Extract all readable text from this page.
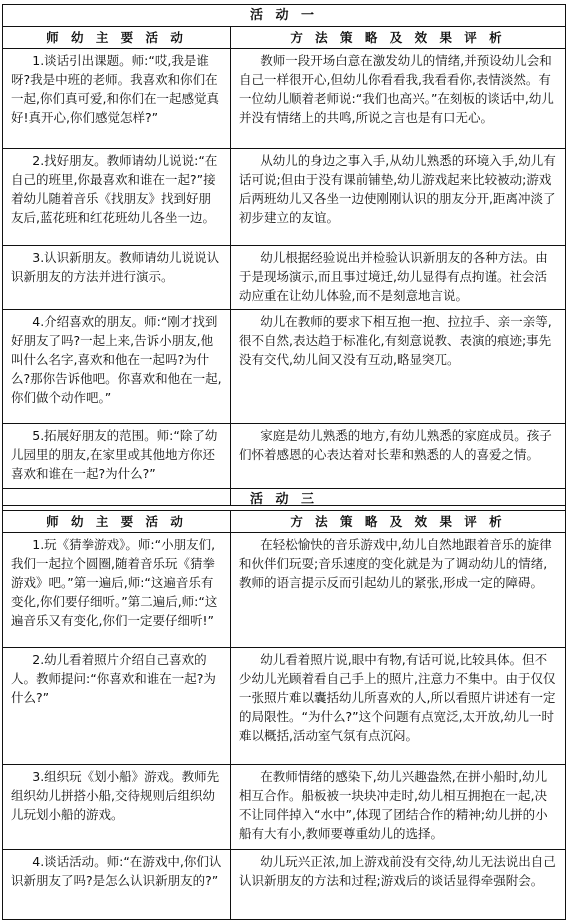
活 动 一	
师 幼 主 要 活 动	方 法 策 略 及 效 果 评 析

1.谈话引出课题。师:“哎,我是谁呀?我是中班的老师。我喜欢和你们在一起,你们真可爱,和你们在一起感觉真好!真开心,你们感觉怎样?”	教师一段开场白意在激发幼儿的情绪,并预设幼儿会和自己一样很开心,但幼儿你看看我,我看看你,表情淡然。有一位幼儿顺着老师说:“我们也高兴。”在刻板的谈话中,幼儿并没有情绪上的共鸣,所说之言也是有口无心。

2.找好朋友。教师请幼儿说说:“在自己的班里,你最喜欢和谁在一起?”接着幼儿随着音乐《找朋友》找到好朋友后,蓝花班和红花班幼儿各坐一边。	从幼儿的身边之事入手,从幼儿熟悉的环境入手,幼儿有话可说;但由于没有课前铺垫,幼儿游戏起来比较被动;游戏后两班幼儿又各坐一边使刚刚认识的朋友分开,距离冲淡了初步建立的友谊。

3.认识新朋友。教师请幼儿说说认识新朋友的方法并进行演示。	幼儿根据经验说出并检验认识新朋友的各种方法。由于是现场演示,而且事过境迁,幼儿显得有点拘谨。社会活动应重在让幼儿体验,而不是刻意地言说。

4.介绍喜欢的朋友。师:“刚才找到好朋友了吗?一起上来,告诉小朋友,他叫什么名字,喜欢和他在一起吗?为什么?那你告诉他吧。你喜欢和他在一起,你们做个动作吧。”	幼儿在教师的要求下相互抱一抱、拉拉手、亲一亲等,很不自然,表达趋于标准化,有刻意说教、表演的痕迹;事先没有交代,幼儿间又没有互动,略显突兀。

5.拓展好朋友的范围。师:“除了幼儿园里的朋友,在家里或其他地方你还喜欢和谁在一起?为什么?”	家庭是幼儿熟悉的地方,有幼儿熟悉的家庭成员。孩子们怀着感恩的心表达着对长辈和熟悉的人的喜爱之情。

活 动 三	
师 幼 主 要 活 动	方 法 策 略 及 效 果 评 析

1.玩《猜拳游戏》。师:“小朋友们,我们一起拉个圆圈,随着音乐玩《猜拳游戏》吧。”第一遍后,师:“这遍音乐有变化,你们要仔细听。”第二遍后,师:“这遍音乐又有变化,你们一定要仔细听!”	在轻松愉快的音乐游戏中,幼儿自然地跟着音乐的旋律和伙伴们玩耍;音乐速度的变化就是为了调动幼儿的情绪,教师的语言提示反而引起幼儿的紧张,形成一定的障碍。

2.幼儿看着照片介绍自己喜欢的人。教师提问:“你喜欢和谁在一起?为什么?”	幼儿看着照片说,眼中有物,有话可说,比较具体。但不少幼儿光顾着看自己手上的照片,注意力不集中。由于仅仅一张照片难以囊括幼儿所喜欢的人,所以看照片讲述有一定的局限性。“为什么?”这个问题有点宽泛,太开放,幼儿一时难以概括,活动室气氛有点沉闷。

3.组织玩《划小船》游戏。教师先组织幼儿拼搭小船,交待规则后组织幼儿玩划小船的游戏。	在教师情绪的感染下,幼儿兴趣盎然,在拼小船时,幼儿相互合作。船板被一块块冲走时,幼儿相互拥抱在一起,决不让同伴掉入“水中”,体现了团结合作的精神;幼儿拼的小船有大有小,教师要尊重幼儿的选择。

4.谈话活动。师:“在游戏中,你们认识新朋友了吗?是怎么认识新朋友的?”	幼儿玩兴正浓,加上游戏前没有交待,幼儿无法说出自己认识新朋友的方法和过程;游戏后的谈话显得牵强附会。
